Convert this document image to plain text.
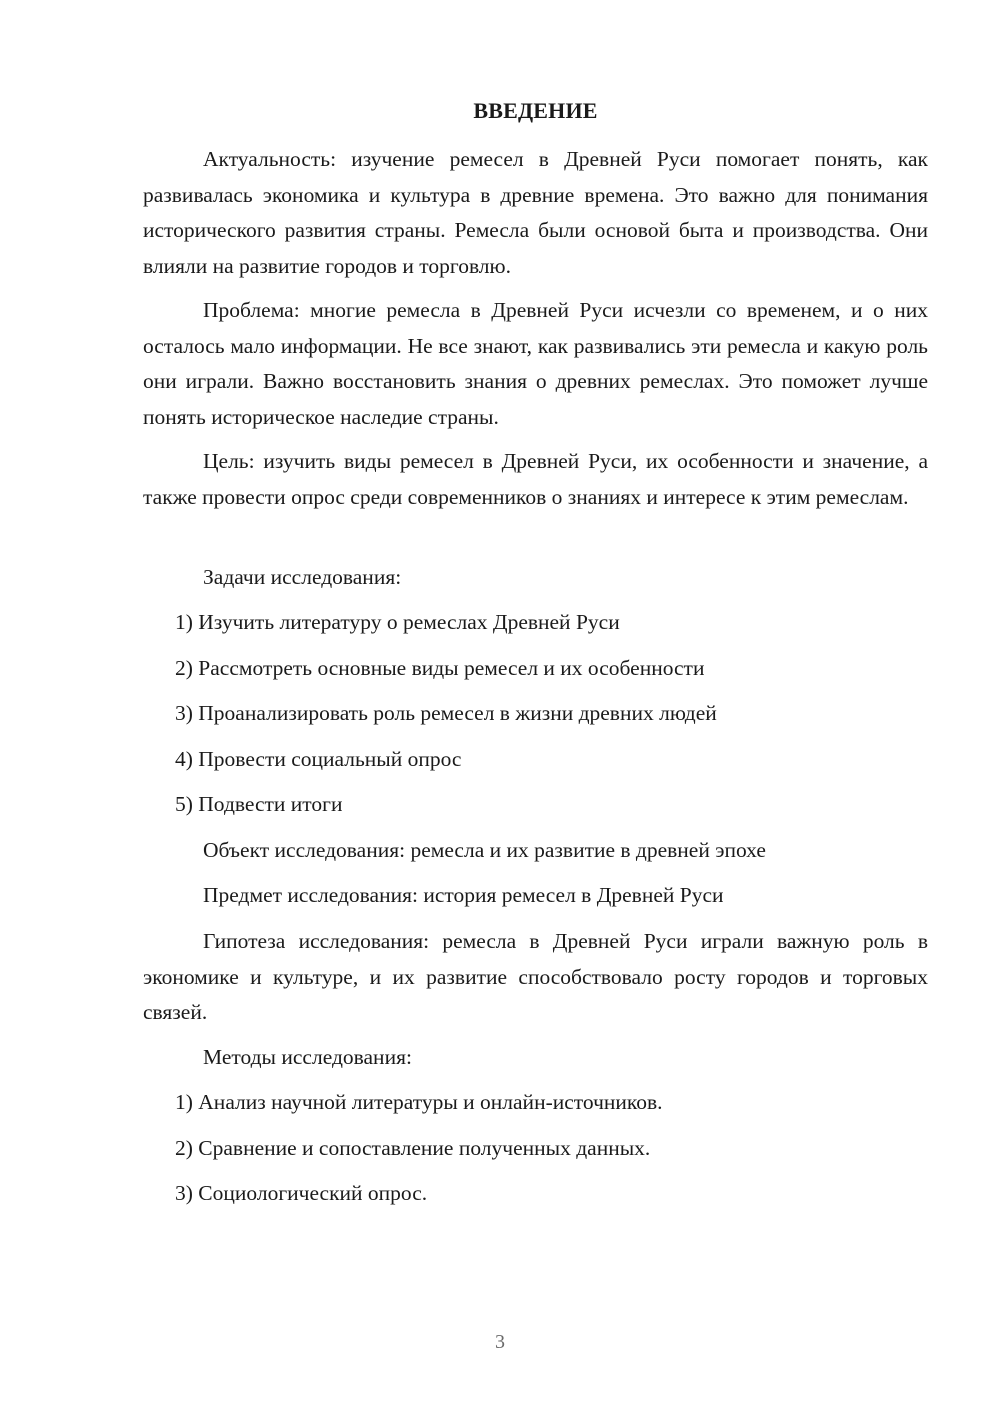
ВВЕДЕНИЕ

Актуальность: изучение ремесел в Древней Руси помогает понять, как развивалась экономика и культура в древние времена. Это важно для понимания исторического развития страны. Ремесла были основой быта и производства. Они влияли на развитие городов и торговлю.

Проблема: многие ремесла в Древней Руси исчезли со временем, и о них осталось мало информации. Не все знают, как развивались эти ремесла и какую роль они играли. Важно восстановить знания о древних ремеслах. Это поможет лучше понять историческое наследие страны.

Цель: изучить виды ремесел в Древней Руси, их особенности и значение, а также провести опрос среди современников о знаниях и интересе к этим ремеслам.

Задачи исследования:

1) Изучить литературу о ремеслах Древней Руси

2) Рассмотреть основные виды ремесел и их особенности

3) Проанализировать роль ремесел в жизни древних людей

4) Провести социальный опрос

5) Подвести итоги

Объект исследования: ремесла и их развитие в древней эпохе

Предмет исследования: история ремесел в Древней Руси

Гипотеза исследования: ремесла в Древней Руси играли важную роль в экономике и культуре, и их развитие способствовало росту городов и торговых связей.

Методы исследования:

1) Анализ научной литературы и онлайн-источников.

2) Сравнение и сопоставление полученных данных.

3) Социологический опрос.

3
